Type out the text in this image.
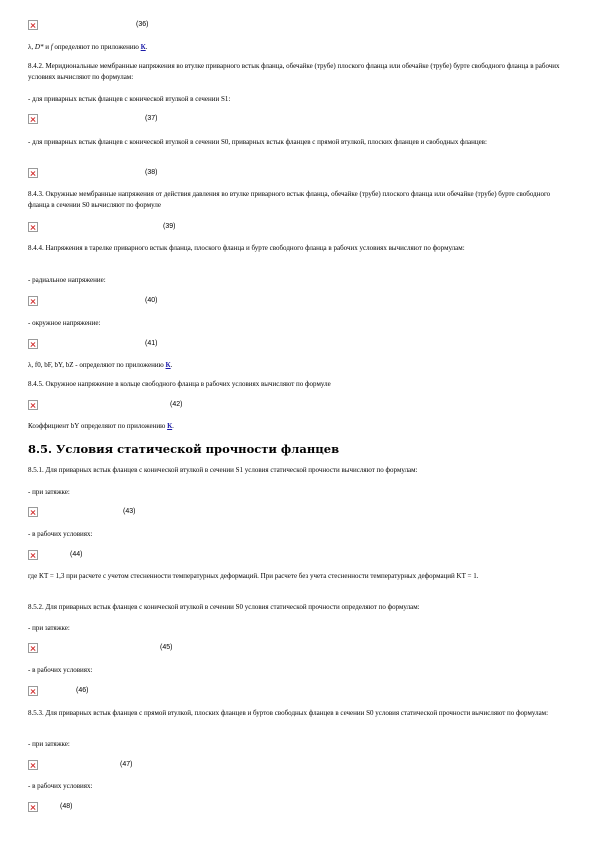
(36)
λ, D* и f определяют по приложению К.
8.4.2. Меридиональные мембранные напряжения во втулке приварного встык фланца, обечайке (трубе) плоского фланца или обечайке (трубе) бурте свободного фланца в рабочих условиях вычисляют по формулам:
- для приварных встык фланцев с конической втулкой в сечении S1:
(37)
- для приварных встык фланцев с конической втулкой в сечении S0, приварных встык фланцев с прямой втулкой, плоских фланцев и свободных фланцев:
(38)
8.4.3. Окружные мембранные напряжения от действия давления во втулке приварного встык фланца, обечайке (трубе) плоского фланца или обечайке (трубе) бурте свободного фланца в сечении S0 вычисляют по формуле
(39)
8.4.4. Напряжения в тарелке приварного встык фланца, плоского фланца и бурте свободного фланца в рабочих условиях вычисляют по формулам:
- радиальное напряжение:
(40)
- окружное напряжение:
(41)
λ, f0, bF, bY, bZ - определяют по приложению К.
8.4.5. Окружное напряжение в кольце свободного фланца в рабочих условиях вычисляют по формуле
(42)
Коэффициент bY определяют по приложению К.
8.5. Условия статической прочности фланцев
8.5.1. Для приварных встык фланцев с конической втулкой в сечении S1 условия статической прочности вычисляют по формулам:
- при затяжке:
(43)
- в рабочих условиях:
(44)
где KT = 1,3 при расчете с учетом стесненности температурных деформаций. При расчете без учета стесненности температурных деформаций KT = 1.
8.5.2. Для приварных встык фланцев с конической втулкой в сечении S0 условия статической прочности определяют по формулам:
- при затяжке:
(45)
- в рабочих условиях:
(46)
8.5.3. Для приварных встык фланцев с прямой втулкой, плоских фланцев и буртов свободных фланцев в сечении S0 условия статической прочности вычисляют по формулам:
- при затяжке:
(47)
- в рабочих условиях:
(48)
